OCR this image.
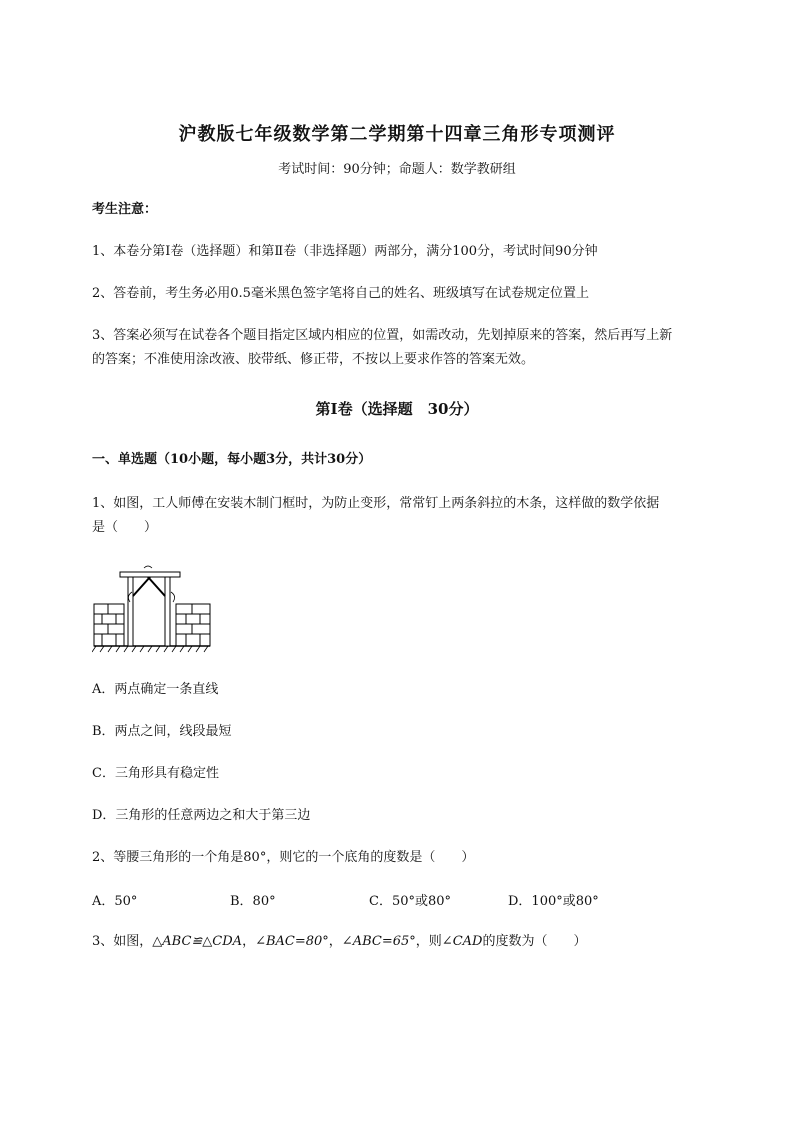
沪教版七年级数学第二学期第十四章三角形专项测评
考试时间：90分钟；命题人：数学教研组
考生注意：
1、本卷分第I卷（选择题）和第Ⅱ卷（非选择题）两部分，满分100分，考试时间90分钟
2、答卷前，考生务必用0.5毫米黑色签字笔将自己的姓名、班级填写在试卷规定位置上
3、答案必须写在试卷各个题目指定区域内相应的位置，如需改动，先划掉原来的答案，然后再写上新
的答案；不准使用涂改液、胶带纸、修正带，不按以上要求作答的答案无效。
第I卷（选择题　30分）
一、单选题（10小题，每小题3分，共计30分）
1、如图，工人师傅在安装木制门框时，为防止变形，常常钉上两条斜拉的木条，这样做的数学依据
是（　　）
A．两点确定一条直线
B．两点之间，线段最短
C．三角形具有稳定性
D．三角形的任意两边之和大于第三边
2、等腰三角形的一个角是80°，则它的一个底角的度数是（　　）
A．50°	B．80°	C．50°或80°	D．100°或80°
3、如图，△ABC≌△CDA，∠BAC=80°，∠ABC=65°，则∠CAD的度数为（　　）
